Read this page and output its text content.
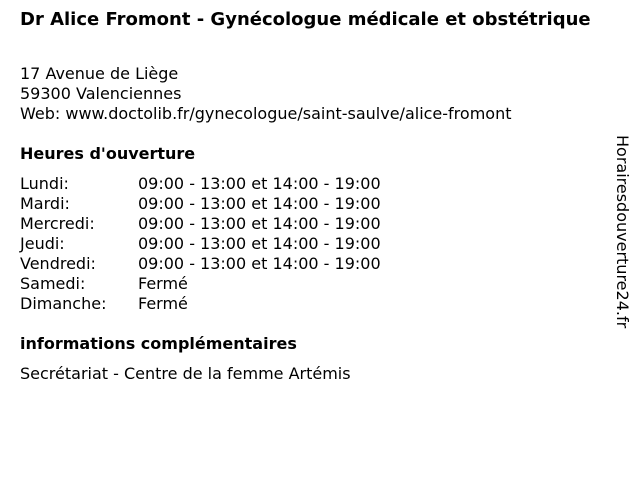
Dr Alice Fromont - Gynécologue médicale et obstétrique
17 Avenue de Liège
59300 Valenciennes
Web: www.doctolib.fr/gynecologue/saint-saulve/alice-fromont
Heures d'ouverture
Lundi:	09:00 - 13:00 et 14:00 - 19:00
Mardi:	09:00 - 13:00 et 14:00 - 19:00
Mercredi:	09:00 - 13:00 et 14:00 - 19:00
Jeudi:	09:00 - 13:00 et 14:00 - 19:00
Vendredi:	09:00 - 13:00 et 14:00 - 19:00
Samedi:	Fermé
Dimanche:	Fermé
informations complémentaires
Secrétariat - Centre de la femme Artémis
Horairesdouverture24.fr
